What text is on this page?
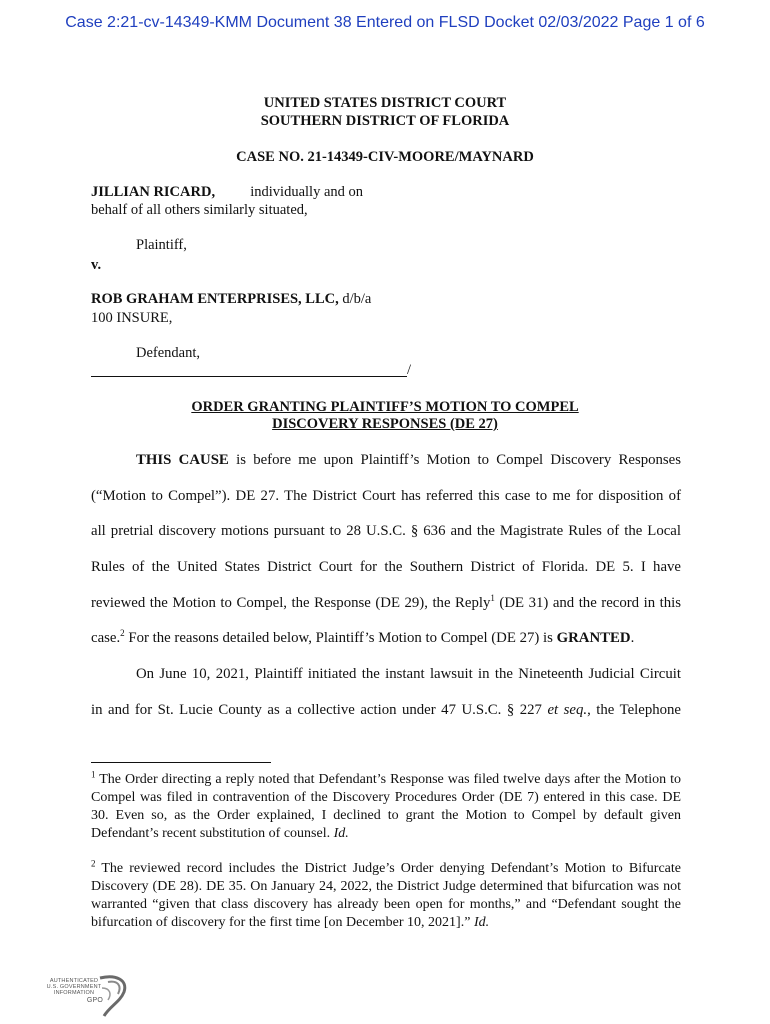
Case 2:21-cv-14349-KMM Document 38 Entered on FLSD Docket 02/03/2022 Page 1 of 6
UNITED STATES DISTRICT COURT
SOUTHERN DISTRICT OF FLORIDA
CASE NO. 21-14349-CIV-MOORE/MAYNARD
JILLIAN RICARD, individually and on
behalf of all others similarly situated,
Plaintiff,
v.
ROB GRAHAM ENTERPRISES, LLC, d/b/a
100 INSURE,
Defendant,
/
ORDER GRANTING PLAINTIFF’S MOTION TO COMPEL
DISCOVERY RESPONSES (DE 27)
THIS CAUSE is before me upon Plaintiff’s Motion to Compel Discovery Responses
(“Motion to Compel”). DE 27. The District Court has referred this case to me for disposition of
all pretrial discovery motions pursuant to 28 U.S.C. § 636 and the Magistrate Rules of the Local
Rules of the United States District Court for the Southern District of Florida. DE 5. I have
reviewed the Motion to Compel, the Response (DE 29), the Reply$^1$ (DE 31) and the record in this
case.$^2$ For the reasons detailed below, Plaintiff’s Motion to Compel (DE 27) is GRANTED.
On June 10, 2021, Plaintiff initiated the instant lawsuit in the Nineteenth Judicial Circuit
in and for St. Lucie County as a collective action under 47 U.S.C. § 227 et seq., the Telephone
$^1$ The Order directing a reply noted that Defendant’s Response was filed twelve days after the Motion to Compel was filed in contravention of the Discovery Procedures Order (DE 7) entered in this case. DE 30. Even so, as the Order explained, I declined to grant the Motion to Compel by default given Defendant’s recent substitution of counsel. Id.
$^2$ The reviewed record includes the District Judge’s Order denying Defendant’s Motion to Bifurcate Discovery (DE 28). DE 35. On January 24, 2022, the District Judge determined that bifurcation was not warranted “given that class discovery has already been open for months,” and “Defendant sought the bifurcation of discovery for the first time [on December 10, 2021].” Id.
AUTHENTICATED
U.S. GOVERNMENT
INFORMATION
GPO
